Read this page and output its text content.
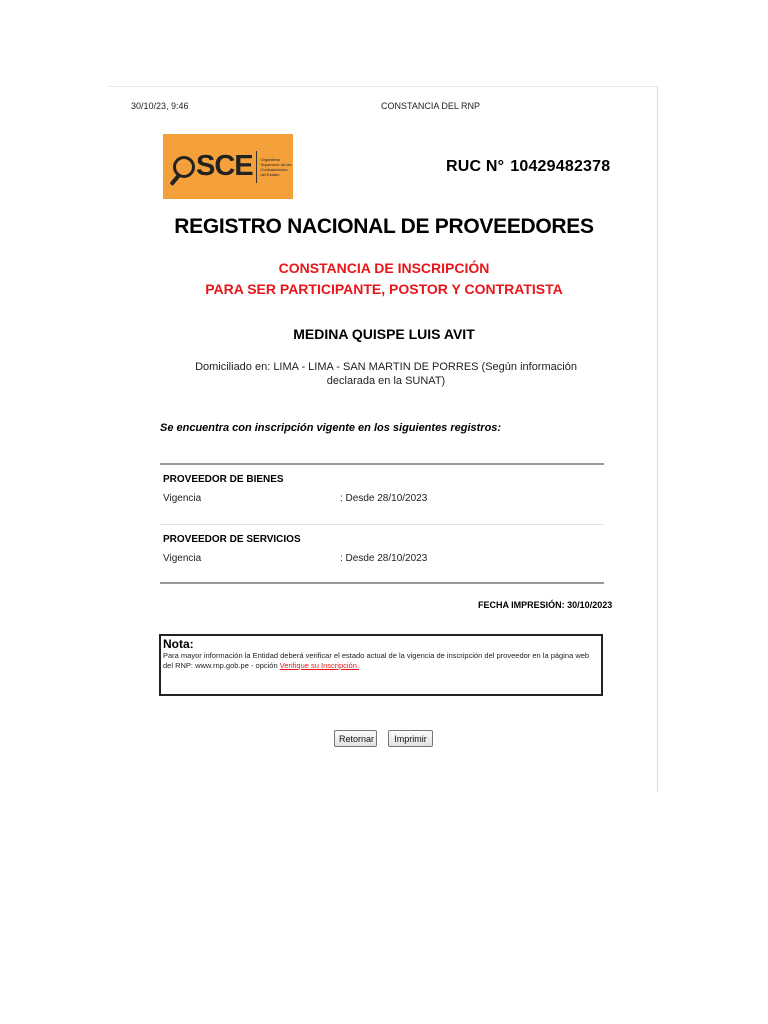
30/10/23, 9:46	CONSTANCIA DEL RNP
SCE Organismo Supervisor de las Contrataciones del Estado	RUC N° 10429482378
REGISTRO NACIONAL DE PROVEEDORES
CONSTANCIA DE INSCRIPCIÓN
PARA SER PARTICIPANTE, POSTOR Y CONTRATISTA
MEDINA QUISPE LUIS AVIT
Domiciliado en: LIMA - LIMA - SAN MARTIN DE PORRES (Según información declarada en la SUNAT)
Se encuentra con inscripción vigente en los siguientes registros:
PROVEEDOR DE BIENES
Vigencia	: Desde 28/10/2023
PROVEEDOR DE SERVICIOS
Vigencia	: Desde 28/10/2023
FECHA IMPRESIÓN: 30/10/2023
Nota:
Para mayor información la Entidad deberá verificar el estado actual de la vigencia de inscripción del proveedor en la página web del RNP: www.rnp.gob.pe - opción Verifique su Inscripción.
Retornar	Imprimir
